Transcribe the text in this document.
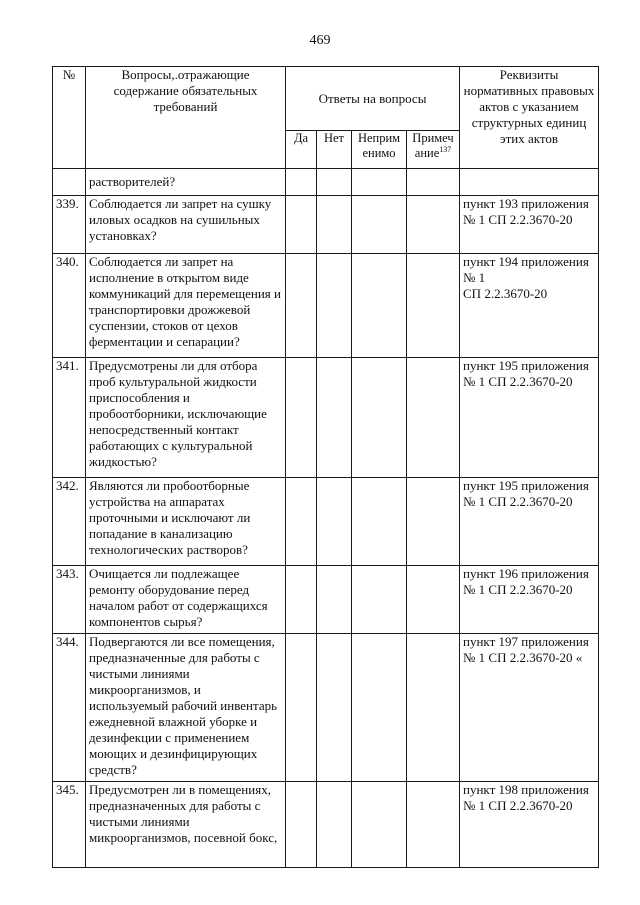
469
№	Вопросы,.отражающие содержание обязательных требований	Ответы на вопросы				Реквизиты нормативных правовых актов с указанием структурных единиц этих актов
		Да	Нет	Неприм енимо	Примеч ание$^{137}$
	растворителей?					
339.	Соблюдается ли запрет на сушку иловых осадков на сушильных установках?					пункт 193 приложения № 1 СП 2.2.3670-20
340.	Соблюдается ли запрет на исполнение в открытом виде коммуникаций для перемещения и транспортировки дрожжевой суспензии, стоков от цехов ферментации и сепарации?					пункт 194 приложения № 1
СП 2.2.3670-20
341.	Предусмотрены ли для отбора проб культуральной жидкости приспособления и пробоотборники, исключающие непосредственный контакт работающих с культуральной жидкостью?					пункт 195 приложения № 1 СП 2.2.3670-20
342.	Являются ли пробоотборные устройства на аппаратах проточными и исключают ли попадание в канализацию технологических растворов?					пункт 195 приложения № 1 СП 2.2.3670-20
343.	Очищается ли подлежащее ремонту оборудование перед началом работ от содержащихся компонентов сырья?					пункт 196 приложения № 1 СП 2.2.3670-20
344.	Подвергаются ли все помещения, предназначенные для работы с чистыми линиями микроорганизмов, и используемый рабочий инвентарь ежедневной влажной уборке и дезинфекции с применением моющих и дезинфицирующих средств?					пункт 197 приложения № 1 СП 2.2.3670-20 «
345.	Предусмотрен ли в помещениях, предназначенных для работы с чистыми линиями микроорганизмов, посевной бокс,					пункт 198 приложения № 1 СП 2.2.3670-20
